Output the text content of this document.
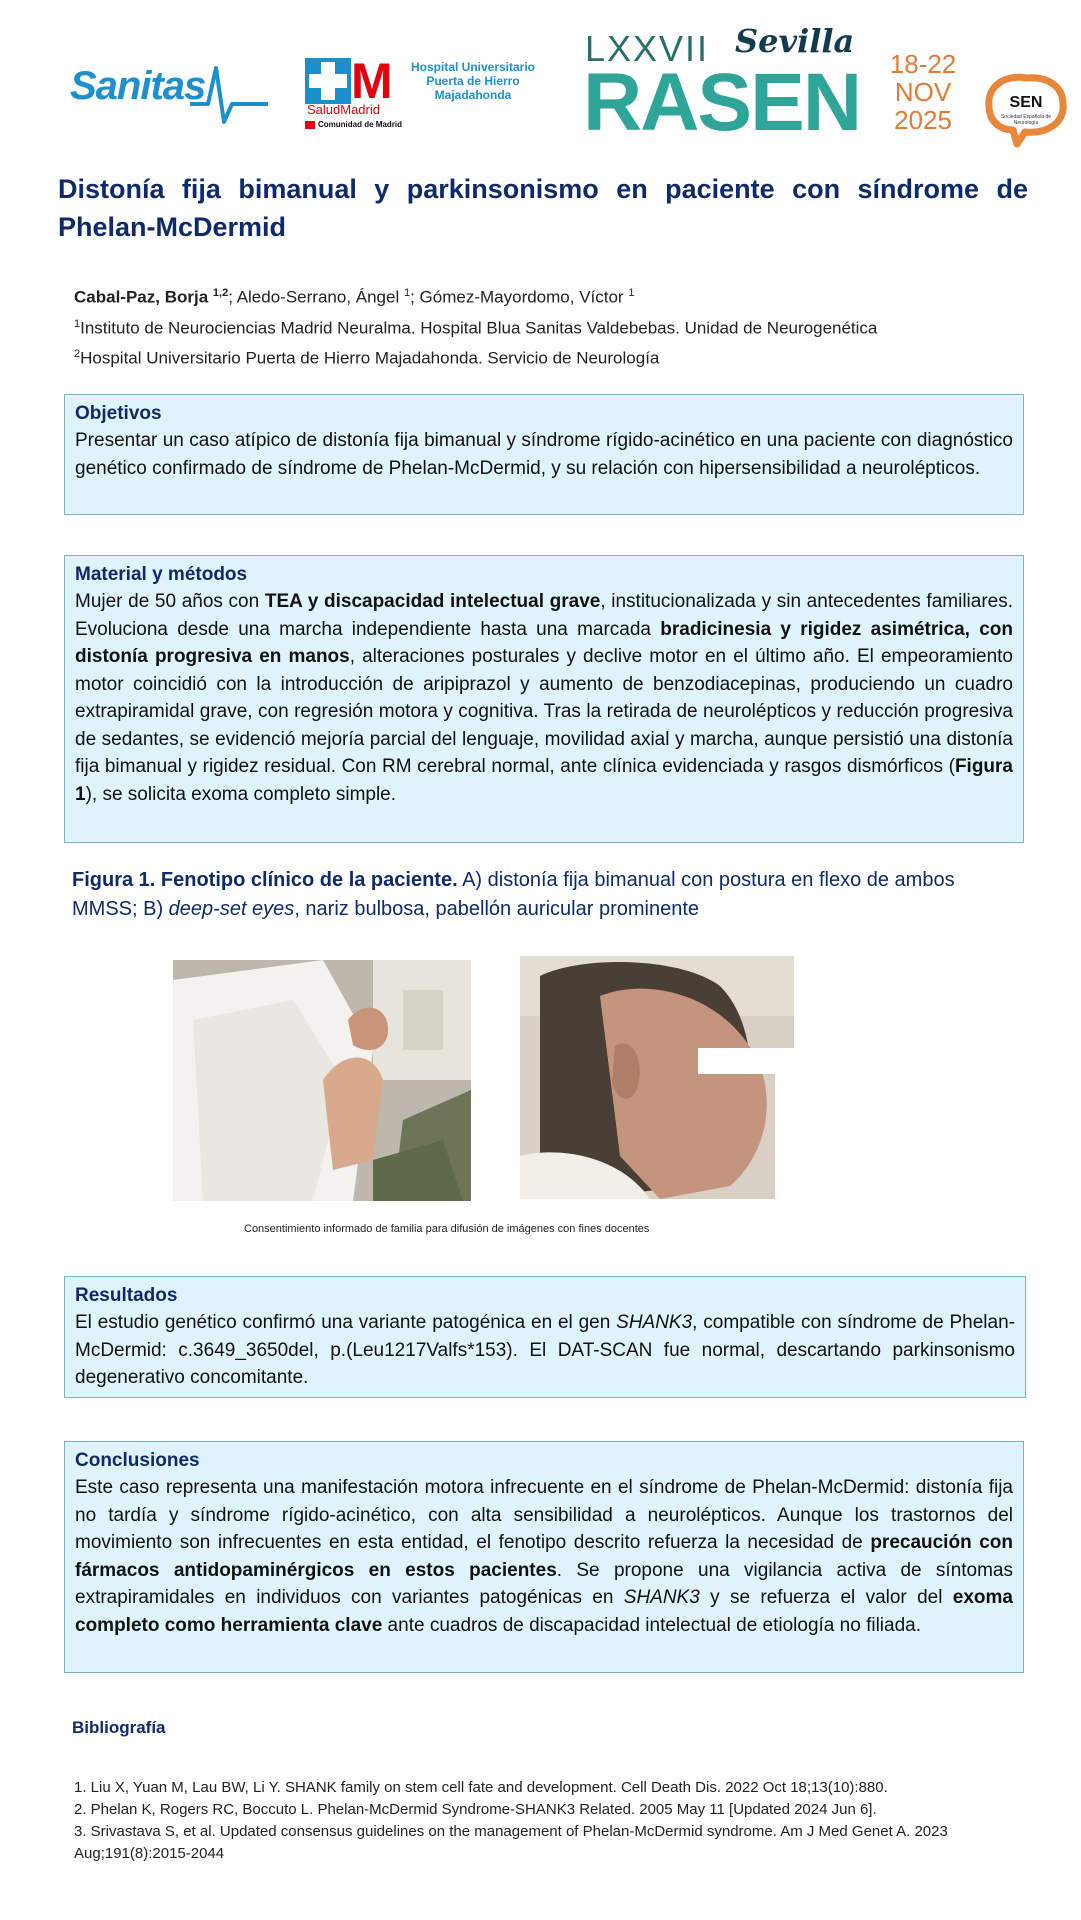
Sanitas	M
SaludMadrid
Comunidad de Madrid
Hospital Universitario
Puerta de Hierro
Majadahonda
LXXVII Sevilla
RASEN 18-22
NOV
2025
SEN
Sociedad Española de Neurología
Distonía fija bimanual y parkinsonismo en paciente con síndrome de Phelan-McDermid
Cabal-Paz, Borja $^{1,2}$; Aledo-Serrano, Ángel $^1$; Gómez-Mayordomo, Víctor $^1$
$^1$Instituto de Neurociencias Madrid Neuralma. Hospital Blua Sanitas Valdebebas. Unidad de Neurogenética
$^2$Hospital Universitario Puerta de Hierro Majadahonda. Servicio de Neurología
Objetivos

Presentar un caso atípico de distonía fija bimanual y síndrome rígido-acinético en una paciente con diagnóstico genético confirmado de síndrome de Phelan-McDermid, y su relación con hipersensibilidad a neurolépticos.

Material y métodos

Mujer de 50 años con TEA y discapacidad intelectual grave, institucionalizada y sin antecedentes familiares. Evoluciona desde una marcha independiente hasta una marcada bradicinesia y rigidez asimétrica, con distonía progresiva en manos, alteraciones posturales y declive motor en el último año. El empeoramiento motor coincidió con la introducción de aripiprazol y aumento de benzodiacepinas, produciendo un cuadro extrapiramidal grave, con regresión motora y cognitiva. Tras la retirada de neurolépticos y reducción progresiva de sedantes, se evidenció mejoría parcial del lenguaje, movilidad axial y marcha, aunque persistió una distonía fija bimanual y rigidez residual. Con RM cerebral normal, ante clínica evidenciada y rasgos dismórficos (Figura 1), se solicita exoma completo simple.

Figura 1. Fenotipo clínico de la paciente. A) distonía fija bimanual con postura en flexo de ambos MMSS; B) deep-set eyes, nariz bulbosa, pabellón auricular prominente

Consentimiento informado de familia para difusión de imágenes con fines docentes
Resultados

El estudio genético confirmó una variante patogénica en el gen SHANK3, compatible con síndrome de Phelan-McDermid: c.3649_3650del, p.(Leu1217Valfs*153). El DAT-SCAN fue normal, descartando parkinsonismo degenerativo concomitante.

Conclusiones

Este caso representa una manifestación motora infrecuente en el síndrome de Phelan-McDermid: distonía fija no tardía y síndrome rígido-acinético, con alta sensibilidad a neurolépticos. Aunque los trastornos del movimiento son infrecuentes en esta entidad, el fenotipo descrito refuerza la necesidad de precaución con fármacos antidopaminérgicos en estos pacientes. Se propone una vigilancia activa de síntomas extrapiramidales en individuos con variantes patogénicas en SHANK3 y se refuerza el valor del exoma completo como herramienta clave ante cuadros de discapacidad intelectual de etiología no filiada.

Bibliografía
1. Liu X, Yuan M, Lau BW, Li Y. SHANK family on stem cell fate and development. Cell Death Dis. 2022 Oct 18;13(10):880.
2. Phelan K, Rogers RC, Boccuto L. Phelan-McDermid Syndrome-SHANK3 Related. 2005 May 11 [Updated 2024 Jun 6].
3. Srivastava S, et al. Updated consensus guidelines on the management of Phelan-McDermid syndrome. Am J Med Genet A. 2023 Aug;191(8):2015-2044
